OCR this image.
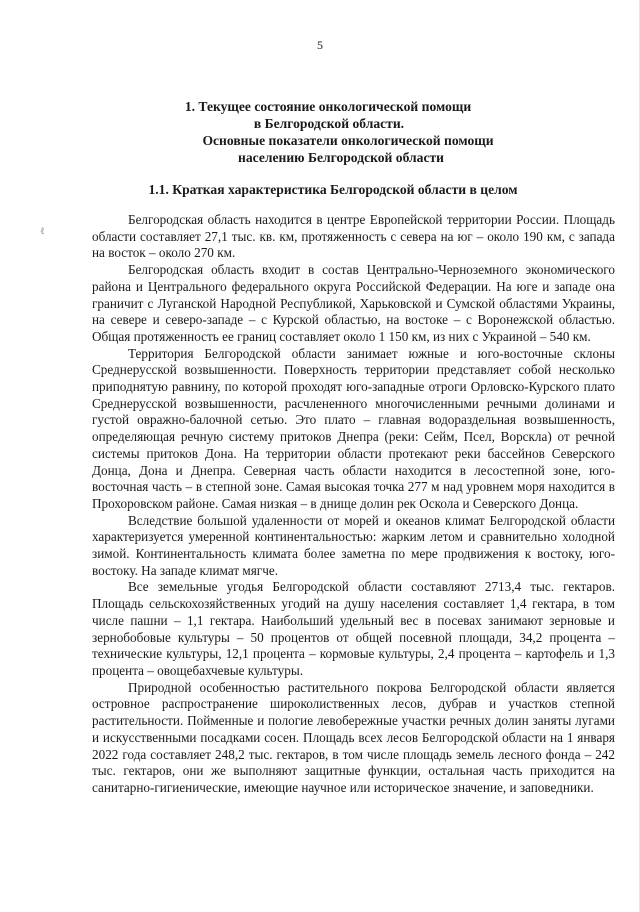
5
1. Текущее состояние онкологической помощи
в Белгородской области.
Основные показатели онкологической помощи
населению Белгородской области
1.1. Краткая характеристика Белгородской области в целом
ℓ

Белгородская область находится в центре Европейской территории России. Площадь области составляет 27,1 тыс. кв. км, протяженность с севера на юг – около 190 км, с запада на восток – около 270 км.

Белгородская область входит в состав Центрально-Черноземного экономического района и Центрального федерального округа Российской Федерации. На юге и западе она граничит с Луганской Народной Республикой, Харьковской и Сумской областями Украины, на севере и северо-западе – с Курской областью, на востоке – с Воронежской областью. Общая протяженность ее границ составляет около 1 150 км, из них с Украиной – 540 км.

Территория Белгородской области занимает южные и юго-восточные склоны Среднерусской возвышенности. Поверхность территории представляет собой несколько приподнятую равнину, по которой проходят юго-западные отроги Орловско-Курского плато Среднерусской возвышенности, расчлененного многочисленными речными долинами и густой овражно-балочной сетью. Это плато – главная водораздельная возвышенность, определяющая речную систему притоков Днепра (реки: Сейм, Псел, Ворскла) от речной системы притоков Дона. На территории области протекают реки бассейнов Северского Донца, Дона и Днепра. Северная часть области находится в лесостепной зоне, юго-восточная часть – в степной зоне. Самая высокая точка 277 м над уровнем моря находится в Прохоровском районе. Самая низкая – в днище долин рек Оскола и Северского Донца.

Вследствие большой удаленности от морей и океанов климат Белгородской области характеризуется умеренной континентальностью: жарким летом и сравнительно холодной зимой. Континентальность климата более заметна по мере продвижения к востоку, юго-востоку. На западе климат мягче.

Все земельные угодья Белгородской области составляют 2713,4 тыс. гектаров. Площадь сельскохозяйственных угодий на душу населения составляет 1,4 гектара, в том числе пашни – 1,1 гектара. Наибольший удельный вес в посевах занимают зерновые и зернобобовые культуры – 50 процентов от общей посевной площади, 34,2 процента – технические культуры, 12,1 процента – кормовые культуры, 2,4 процента – картофель и 1,3 процента – овощебахчевые культуры.

Природной особенностью растительного покрова Белгородской области является островное распространение широколиственных лесов, дубрав и участков степной растительности. Пойменные и пологие левобережные участки речных долин заняты лугами и искусственными посадками сосен. Площадь всех лесов Белгородской области на 1 января 2022 года составляет 248,2 тыс. гектаров, в том числе площадь земель лесного фонда – 242 тыс. гектаров, они же выполняют защитные функции, остальная часть приходится на санитарно-гигиенические, имеющие научное или историческое значение, и заповедники.
